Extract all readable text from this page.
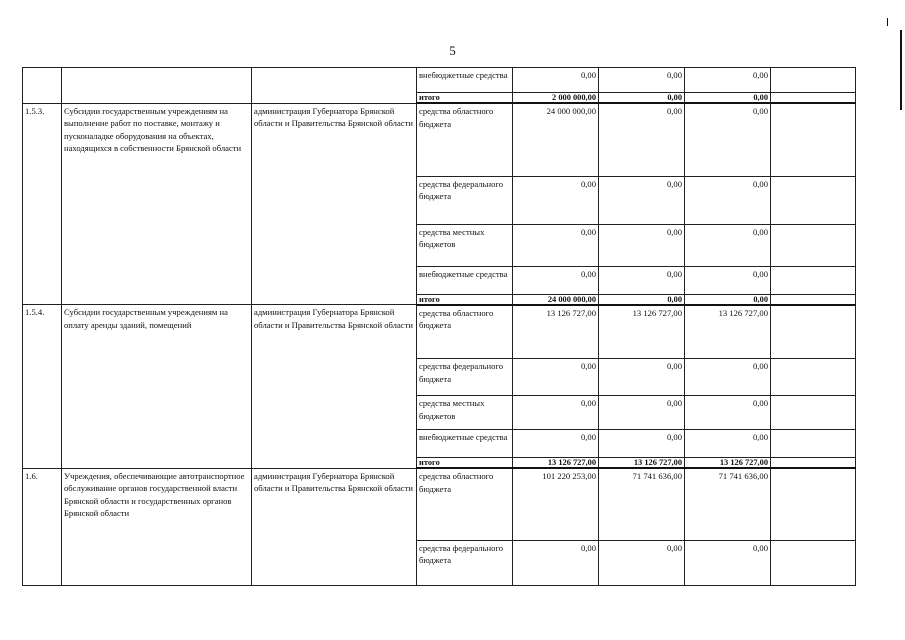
5
			внебюджетные средства	0,00	0,00	0,00	
			итого	2 000 000,00	0,00	0,00	
1.5.3.	Субсидии государственным учреждениям на выполнение работ по поставке, монтажу и пусконаладке оборудования на объектах, находящихся в собственности Брянской области	администрация Губернатора Брянской области и Правительства Брянской области	средства областного бюджета	24 000 000,00	0,00	0,00	
			средства федерального бюджета	0,00	0,00	0,00	
			средства местных бюджетов	0,00	0,00	0,00	
			внебюджетные средства	0,00	0,00	0,00	
			итого	24 000 000,00	0,00	0,00	
1.5.4.	Субсидии государственным учреждениям на оплату аренды зданий, помещений	администрация Губернатора Брянской области и Правительства Брянской области	средства областного бюджета	13 126 727,00	13 126 727,00	13 126 727,00	
			средства федерального бюджета	0,00	0,00	0,00	
			средства местных бюджетов	0,00	0,00	0,00	
			внебюджетные средства	0,00	0,00	0,00	
			итого	13 126 727,00	13 126 727,00	13 126 727,00	
1.6.	Учреждения, обеспечивающие автотранспортное обслуживание органов государственной власти Брянской области и государственных органов Брянской области	администрация Губернатора Брянской области и Правительства Брянской области	средства областного бюджета	101 220 253,00	71 741 636,00	71 741 636,00	
			средства федерального бюджета	0,00	0,00	0,00	
